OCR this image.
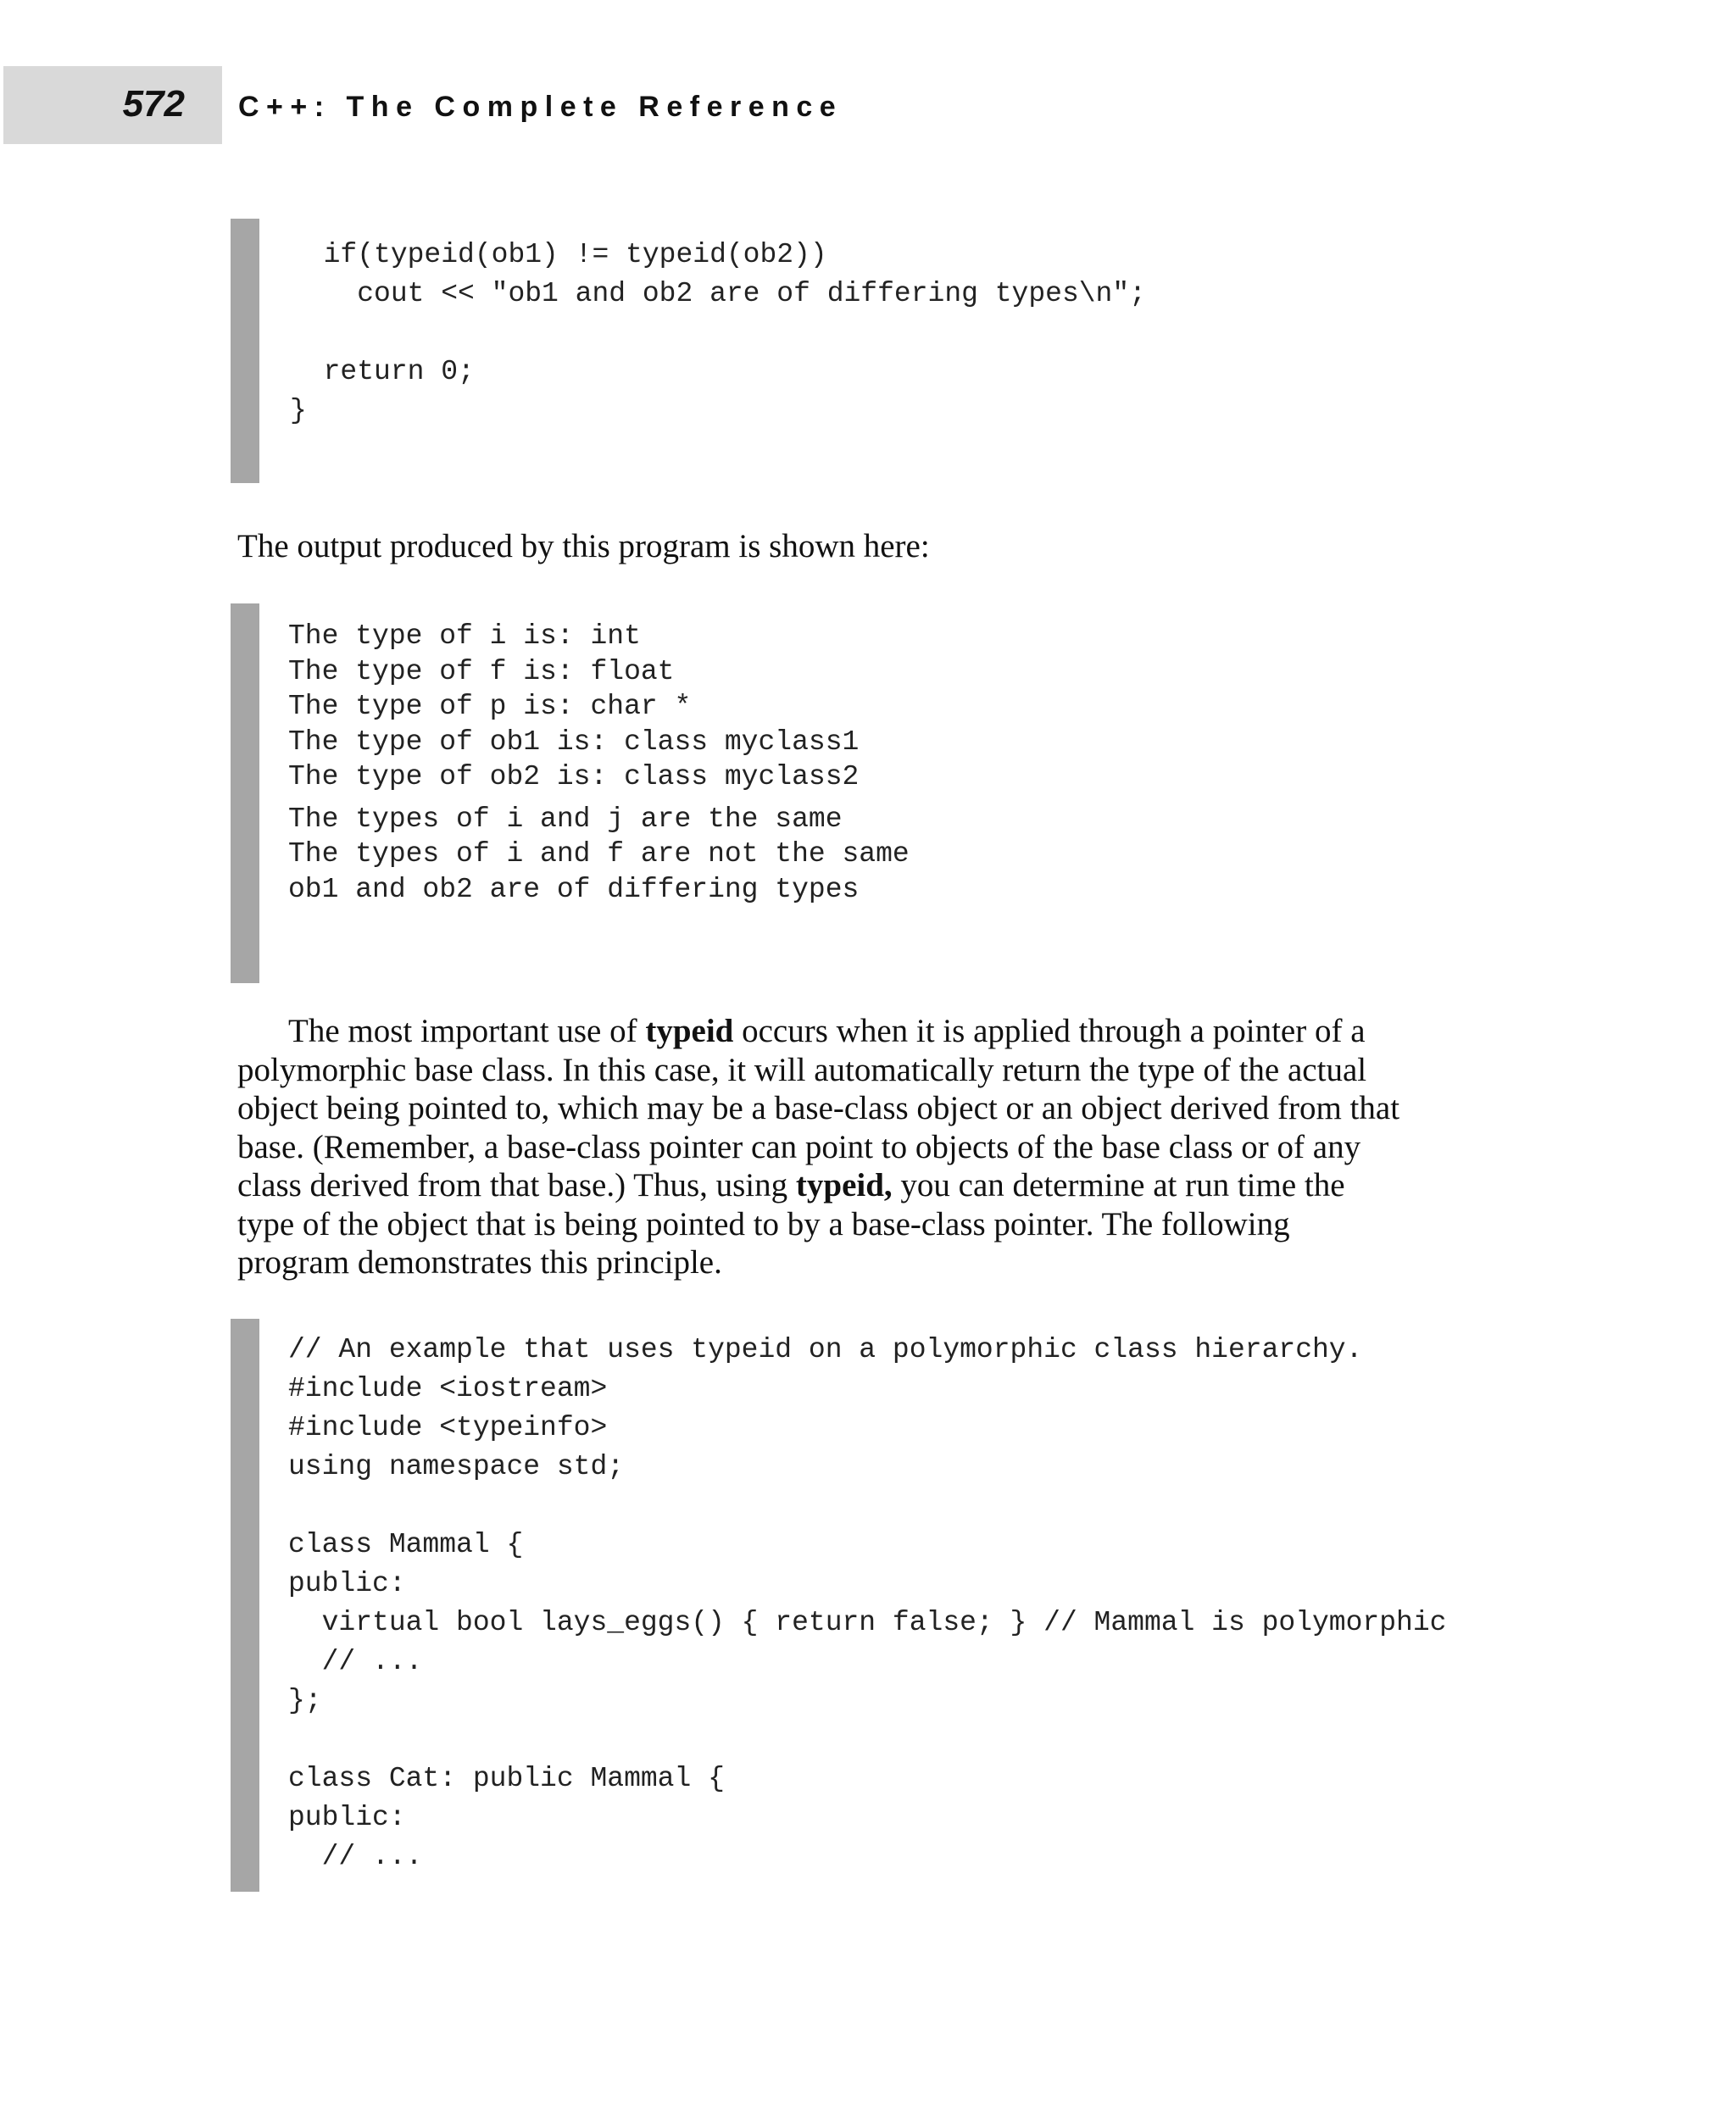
572 C++: The Complete Reference
if(typeid(ob1) != typeid(ob2))
cout << "ob1 and ob2 are of differing types\n";

return 0;
}

The output produced by this program is shown here:

The type of i is: int
The type of f is: float
The type of p is: char *
The type of ob1 is: class myclass1
The type of ob2 is: class myclass2

The types of i and j are the same
The types of i and f are not the same
ob1 and ob2 are of differing types
The most important use of typeid occurs when it is applied through a pointer of a
polymorphic base class. In this case, it will automatically return the type of the actual
object being pointed to, which may be a base-class object or an object derived from that
base. (Remember, a base-class pointer can point to objects of the base class or of any
class derived from that base.) Thus, using typeid, you can determine at run time the
type of the object that is being pointed to by a base-class pointer. The following
program demonstrates this principle.
// An example that uses typeid on a polymorphic class hierarchy.
#include <iostream>
#include <typeinfo>
using namespace std;

class Mammal {
public:
virtual bool lays_eggs() { return false; } // Mammal is polymorphic
// ...
};

class Cat: public Mammal {
public:
// ...
